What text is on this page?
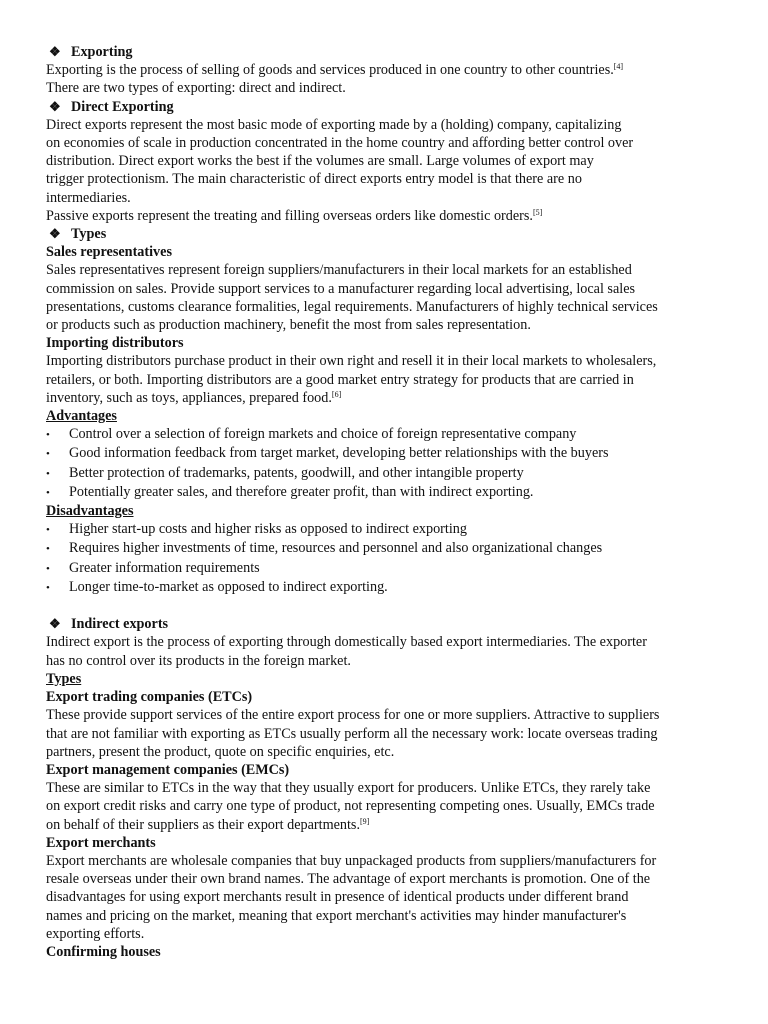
❖ Exporting
Exporting is the process of selling of goods and services produced in one country to other countries.[4]
There are two types of exporting: direct and indirect.
❖ Direct Exporting
Direct exports represent the most basic mode of exporting made by a (holding) company, capitalizing
on economies of scale in production concentrated in the home country and affording better control over
distribution. Direct export works the best if the volumes are small. Large volumes of export may
trigger protectionism. The main characteristic of direct exports entry model is that there are no
intermediaries.
Passive exports represent the treating and filling overseas orders like domestic orders.[5]
❖ Types
Sales representatives
Sales representatives represent foreign suppliers/manufacturers in their local markets for an established
commission on sales. Provide support services to a manufacturer regarding local advertising, local sales
presentations, customs clearance formalities, legal requirements. Manufacturers of highly technical services
or products such as production machinery, benefit the most from sales representation.
Importing distributors
Importing distributors purchase product in their own right and resell it in their local markets to wholesalers,
retailers, or both. Importing distributors are a good market entry strategy for products that are carried in
inventory, such as toys, appliances, prepared food.[6]
Advantages
• Control over a selection of foreign markets and choice of foreign representative company
• Good information feedback from target market, developing better relationships with the buyers
• Better protection of trademarks, patents, goodwill, and other intangible property
• Potentially greater sales, and therefore greater profit, than with indirect exporting.
Disadvantages
• Higher start-up costs and higher risks as opposed to indirect exporting
• Requires higher investments of time, resources and personnel and also organizational changes
• Greater information requirements
• Longer time-to-market as opposed to indirect exporting.
❖ Indirect exports
Indirect export is the process of exporting through domestically based export intermediaries. The exporter
has no control over its products in the foreign market.
Types
Export trading companies (ETCs)
These provide support services of the entire export process for one or more suppliers. Attractive to suppliers
that are not familiar with exporting as ETCs usually perform all the necessary work: locate overseas trading
partners, present the product, quote on specific enquiries, etc.
Export management companies (EMCs)
These are similar to ETCs in the way that they usually export for producers. Unlike ETCs, they rarely take
on export credit risks and carry one type of product, not representing competing ones. Usually, EMCs trade
on behalf of their suppliers as their export departments.[9]
Export merchants
Export merchants are wholesale companies that buy unpackaged products from suppliers/manufacturers for
resale overseas under their own brand names. The advantage of export merchants is promotion. One of the
disadvantages for using export merchants result in presence of identical products under different brand
names and pricing on the market, meaning that export merchant's activities may hinder manufacturer's
exporting efforts.
Confirming houses
